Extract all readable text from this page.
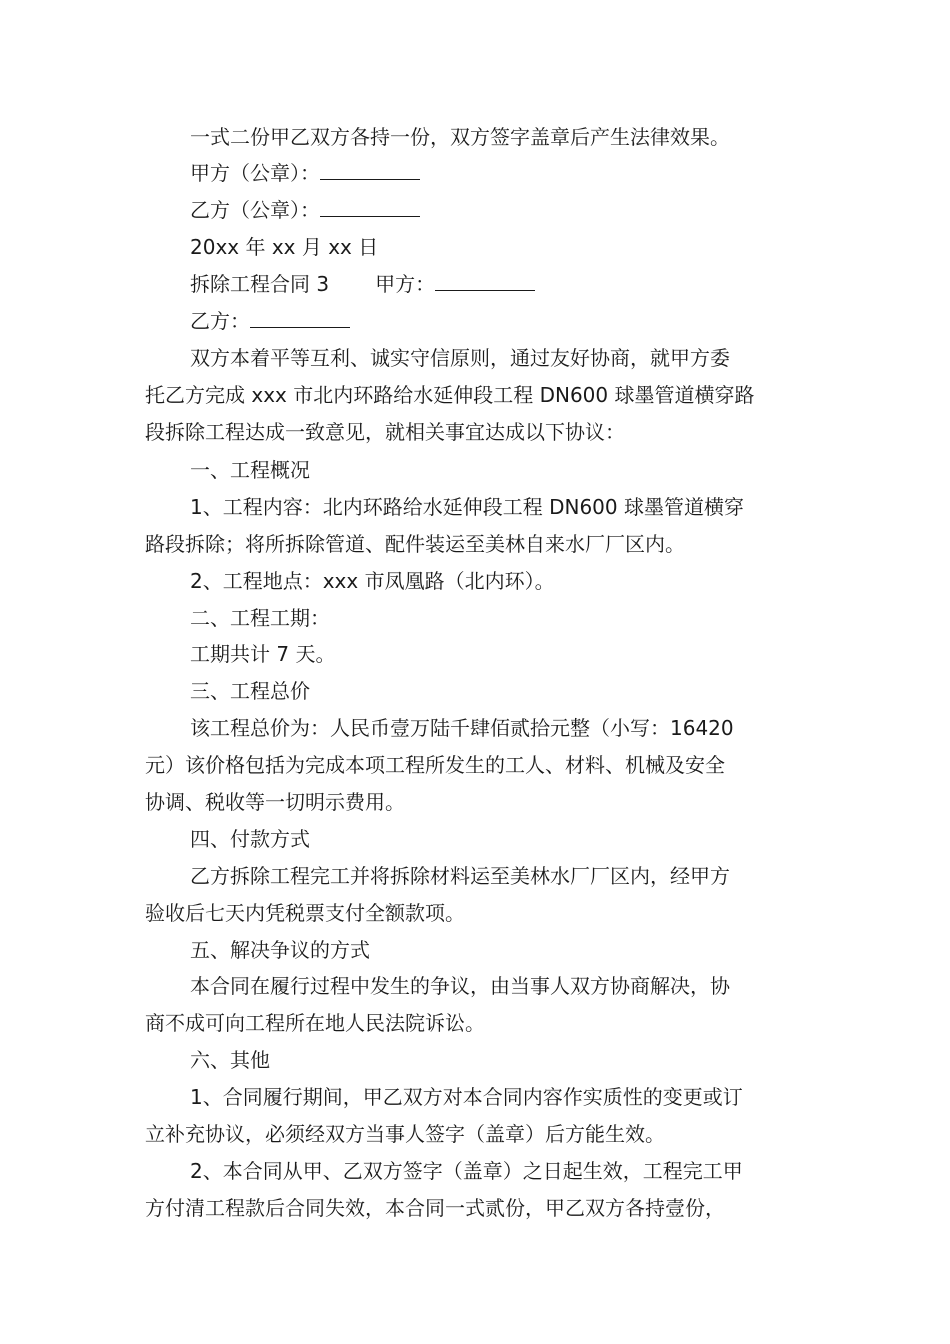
一式二份甲乙双方各持一份，双方签字盖章后产生法律效果。

甲方（公章）：

乙方（公章）：

20xx 年 xx 月 xx 日

拆除工程合同 3 甲方：

乙方：

双方本着平等互利、诚实守信原则，通过友好协商，就甲方委
托乙方完成 xxx 市北内环路给水延伸段工程 DN600 球墨管道横穿路
段拆除工程达成一致意见，就相关事宜达成以下协议：

一、工程概况

1、工程内容：北内环路给水延伸段工程 DN600 球墨管道横穿
路段拆除；将所拆除管道、配件装运至美林自来水厂厂区内。

2、工程地点：xxx 市凤凰路（北内环）。

二、工程工期：

工期共计 7 天。

三、工程总价

该工程总价为：人民币壹万陆千肆佰贰拾元整（小写：16420
元）该价格包括为完成本项工程所发生的工人、材料、机械及安全
协调、税收等一切明示费用。

四、付款方式

乙方拆除工程完工并将拆除材料运至美林水厂厂区内，经甲方
验收后七天内凭税票支付全额款项。

五、解决争议的方式

本合同在履行过程中发生的争议，由当事人双方协商解决，协
商不成可向工程所在地人民法院诉讼。

六、其他

1、合同履行期间，甲乙双方对本合同内容作实质性的变更或订
立补充协议，必须经双方当事人签字（盖章）后方能生效。
2、本合同从甲、乙双方签字（盖章）之日起生效，工程完工甲
方付清工程款后合同失效，本合同一式贰份，甲乙双方各持壹份，
